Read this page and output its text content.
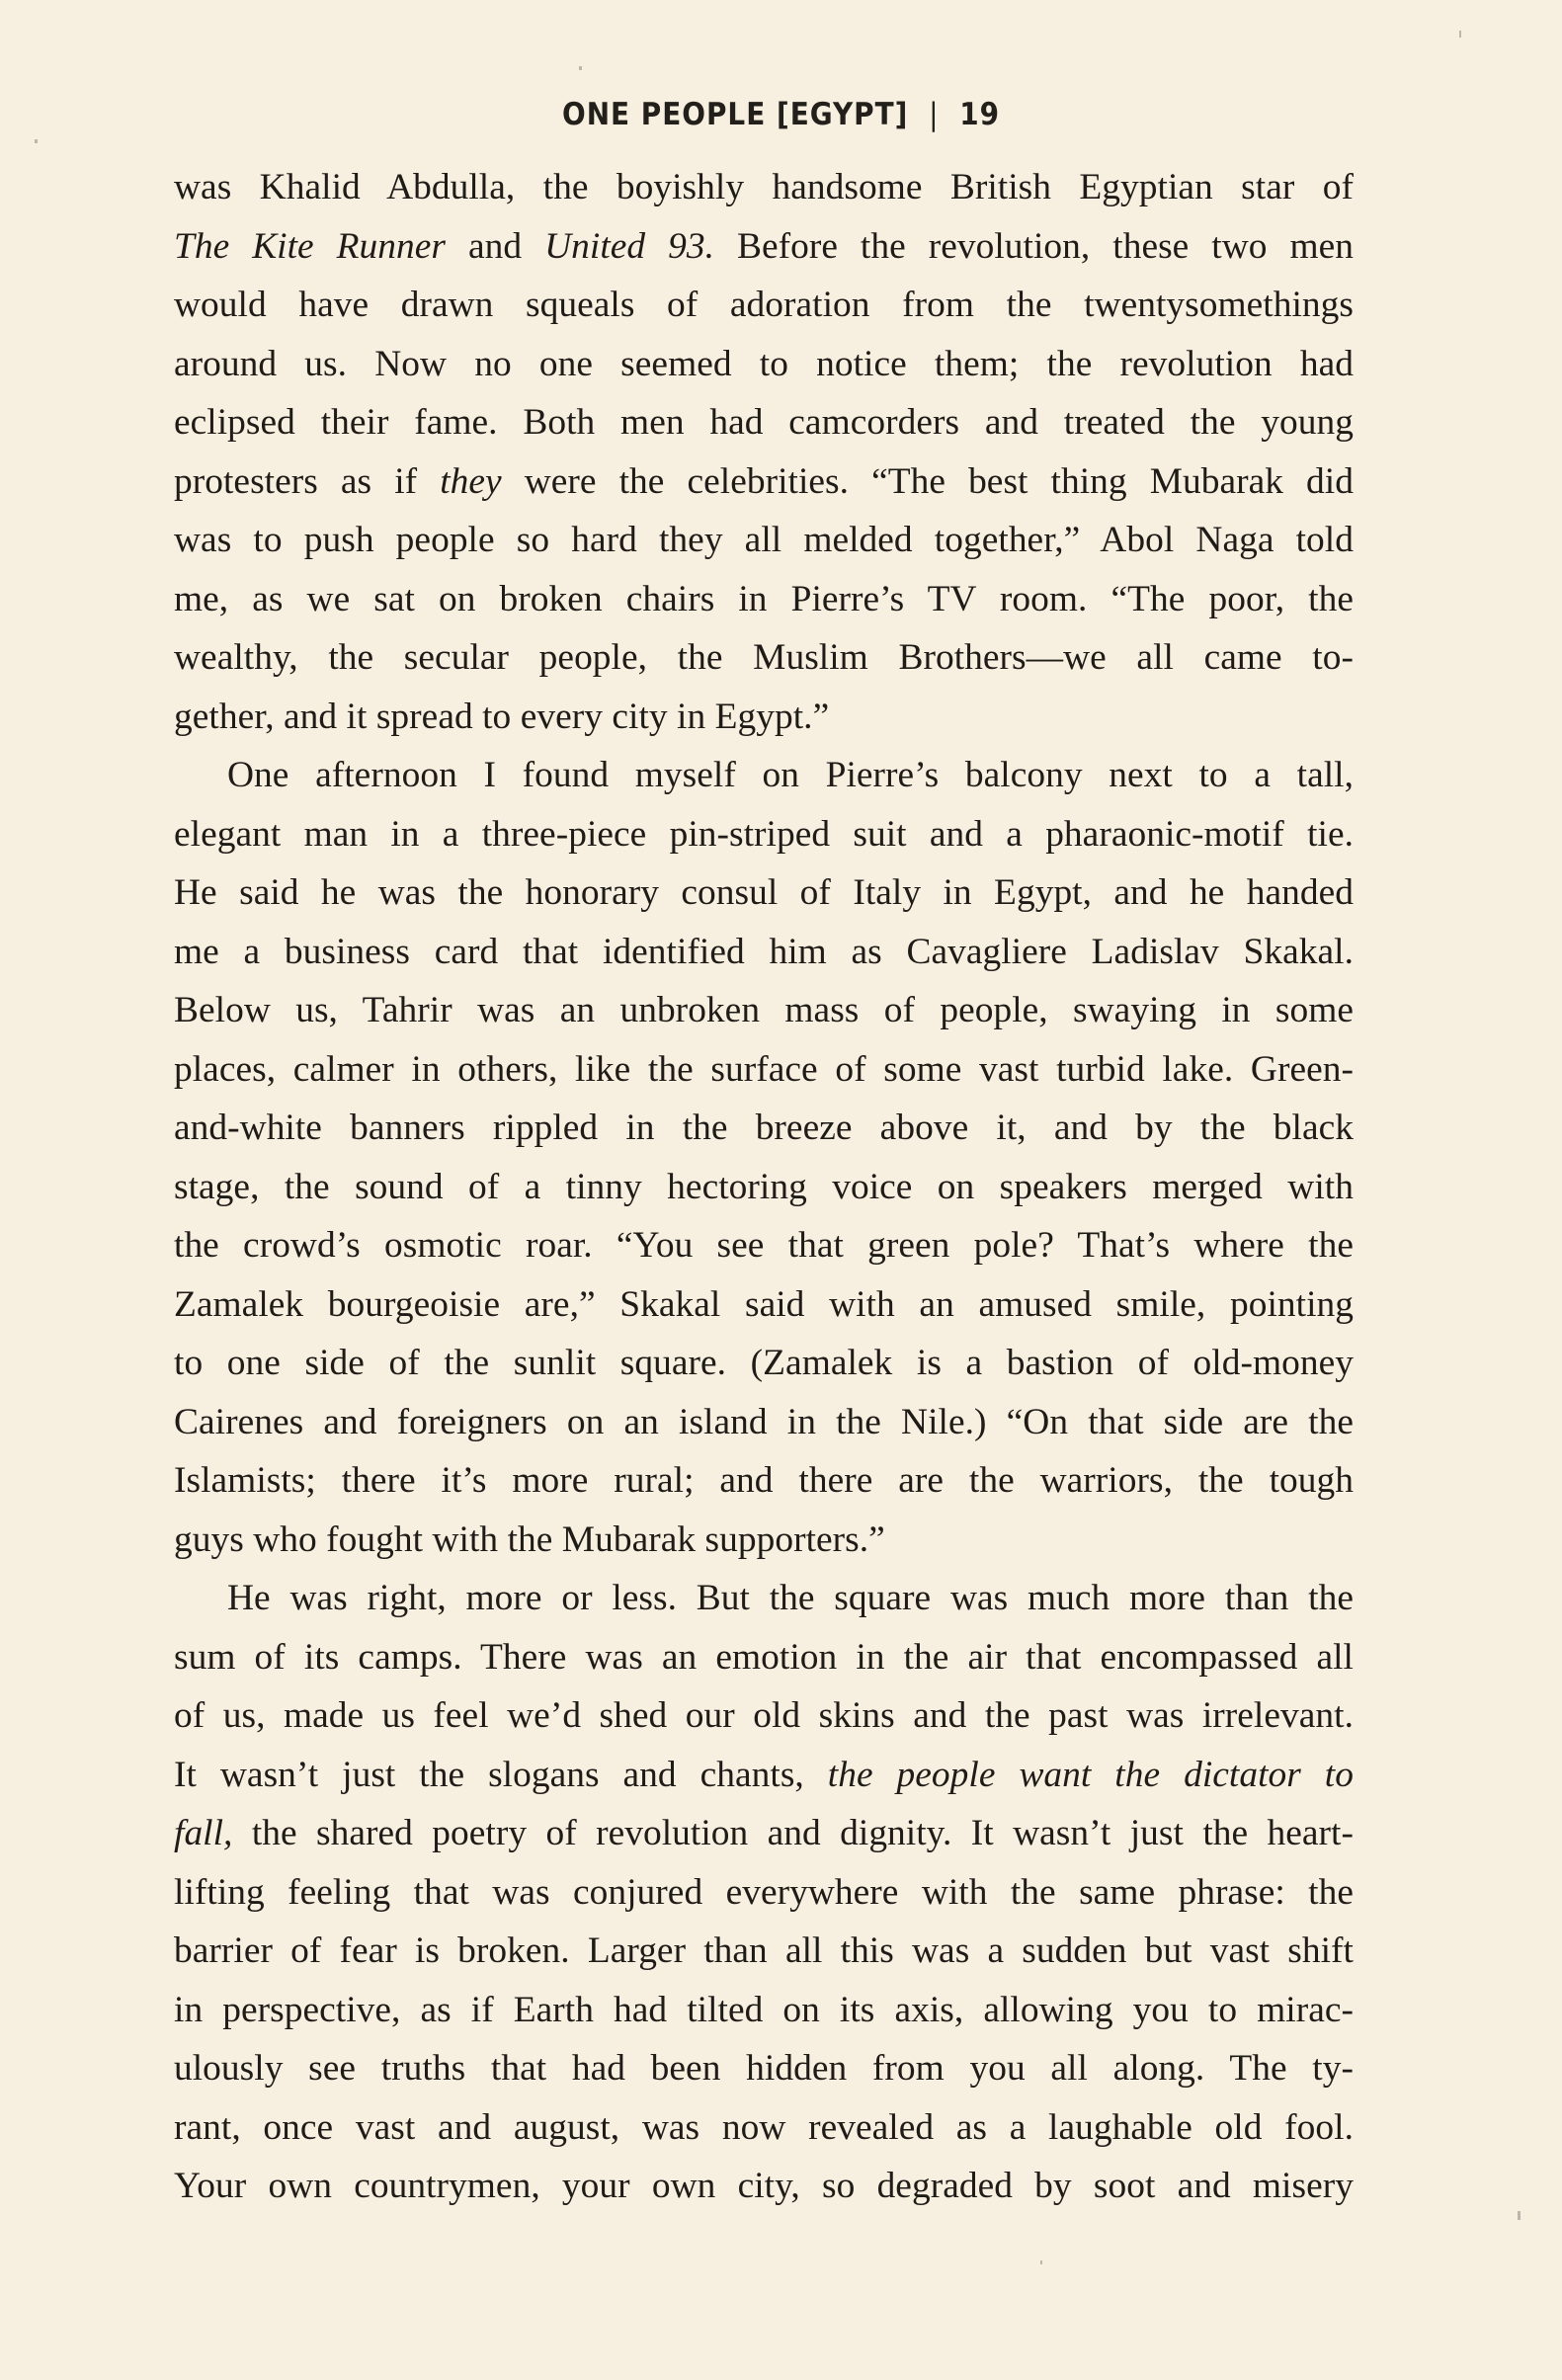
ONE PEOPLE [EGYPT] | 19
was Khalid Abdulla, the boyishly handsome British Egyptian star of
The Kite Runner and United 93. Before the revolution, these two men
would have drawn squeals of adoration from the twentysomethings
around us. Now no one seemed to notice them; the revolution had
eclipsed their fame. Both men had camcorders and treated the young
protesters as if they were the celebrities. “The best thing Mubarak did
was to push people so hard they all melded together,” Abol Naga told
me, as we sat on broken chairs in Pierre’s TV room. “The poor, the
wealthy, the secular people, the Muslim Brothers—we all came to-
gether, and it spread to every city in Egypt.”
One afternoon I found myself on Pierre’s balcony next to a tall,
elegant man in a three-piece pin-striped suit and a pharaonic-motif tie.
He said he was the honorary consul of Italy in Egypt, and he handed
me a business card that identified him as Cavagliere Ladislav Skakal.
Below us, Tahrir was an unbroken mass of people, swaying in some
places, calmer in others, like the surface of some vast turbid lake. Green-
and-white banners rippled in the breeze above it, and by the black
stage, the sound of a tinny hectoring voice on speakers merged with
the crowd’s osmotic roar. “You see that green pole? That’s where the
Zamalek bourgeoisie are,” Skakal said with an amused smile, pointing
to one side of the sunlit square. (Zamalek is a bastion of old-money
Cairenes and foreigners on an island in the Nile.) “On that side are the
Islamists; there it’s more rural; and there are the warriors, the tough
guys who fought with the Mubarak supporters.”
He was right, more or less. But the square was much more than the
sum of its camps. There was an emotion in the air that encompassed all
of us, made us feel we’d shed our old skins and the past was irrelevant.
It wasn’t just the slogans and chants, the people want the dictator to
fall, the shared poetry of revolution and dignity. It wasn’t just the heart-
lifting feeling that was conjured everywhere with the same phrase: the
barrier of fear is broken. Larger than all this was a sudden but vast shift
in perspective, as if Earth had tilted on its axis, allowing you to mirac-
ulously see truths that had been hidden from you all along. The ty-
rant, once vast and august, was now revealed as a laughable old fool.
Your own countrymen, your own city, so degraded by soot and misery
